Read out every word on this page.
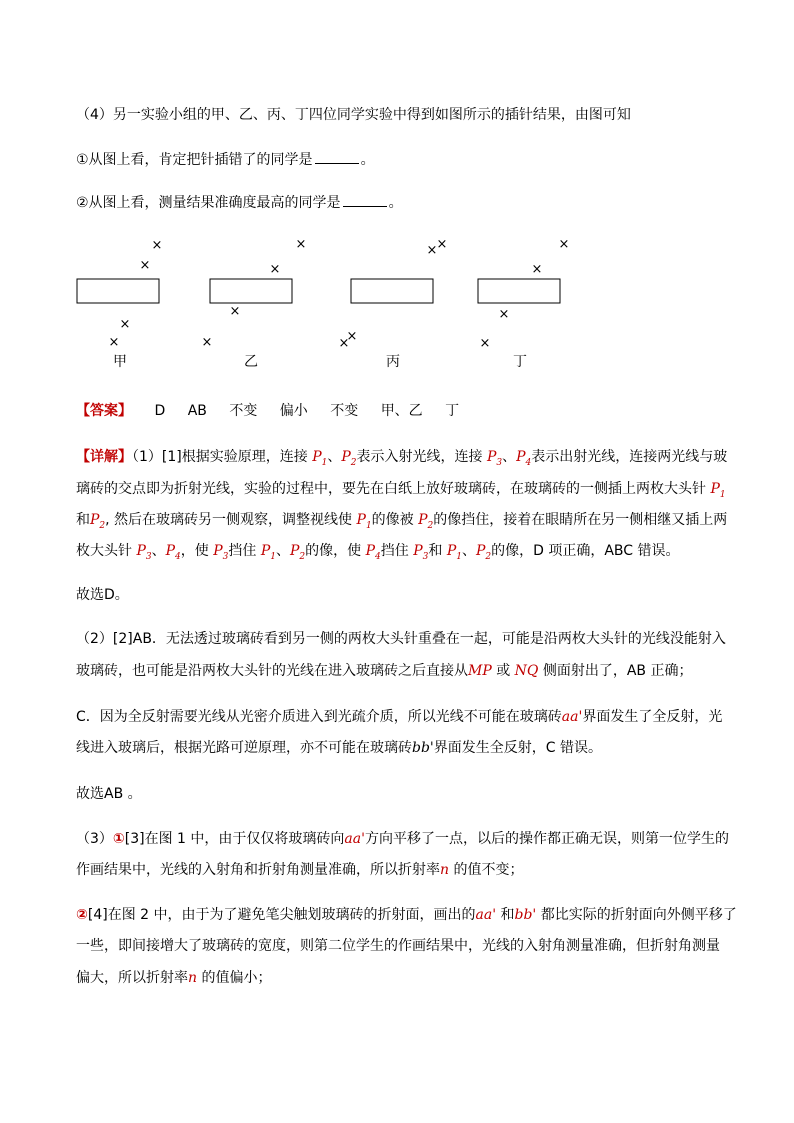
（4）另一实验小组的甲、乙、丙、丁四位同学实验中得到如图所示的插针结果，由图可知
①从图上看，肯定把针插错了的同学是	。
②从图上看，测量结果准确度最高的同学是	。
×
×
×
×
×
×
×
×
×
×
×
×
×
×
×
×
甲	乙	丙	丁
【答案】 D AB 不变 偏小 不变 甲、乙 丁
【详解】（1）[1]根据实验原理，连接 $P_1$、$P_2$表示入射光线，连接 $P_3$、$P_4$表示出射光线，连接两光线与玻
璃砖的交点即为折射光线，实验的过程中，要先在白纸上放好玻璃砖，在玻璃砖的一侧插上两枚大头针 $P_1$
和$P_2$, 然后在玻璃砖另一侧观察，调整视线使 $P_1$的像被 $P_2$的像挡住，接着在眼睛所在另一侧相继又插上两
枚大头针 $P_3$、$P_4$，使 $P_3$挡住 $P_1$、$P_2$的像，使 $P_4$挡住 $P_3$和 $P_1$、$P_2$的像，D 项正确，ABC 错误。
故选D。
（2）[2]AB．无法透过玻璃砖看到另一侧的两枚大头针重叠在一起，可能是沿两枚大头针的光线没能射入
玻璃砖，也可能是沿两枚大头针的光线在进入玻璃砖之后直接从MP 或 NQ 侧面射出了，AB 正确；
C．因为全反射需要光线从光密介质进入到光疏介质，所以光线不可能在玻璃砖aa'界面发生了全反射，光
线进入玻璃后，根据光路可逆原理，亦不可能在玻璃砖bb'界面发生全反射，C 错误。
故选AB 。
（3）①[3]在图 1 中，由于仅仅将玻璃砖向aa'方向平移了一点，以后的操作都正确无误，则第一位学生的
作画结果中，光线的入射角和折射角测量准确，所以折射率n 的值不变；
②[4]在图 2 中，由于为了避免笔尖触划玻璃砖的折射面，画出的aa' 和bb' 都比实际的折射面向外侧平移了
一些，即间接增大了玻璃砖的宽度，则第二位学生的作画结果中，光线的入射角测量准确，但折射角测量
偏大，所以折射率n 的值偏小；
